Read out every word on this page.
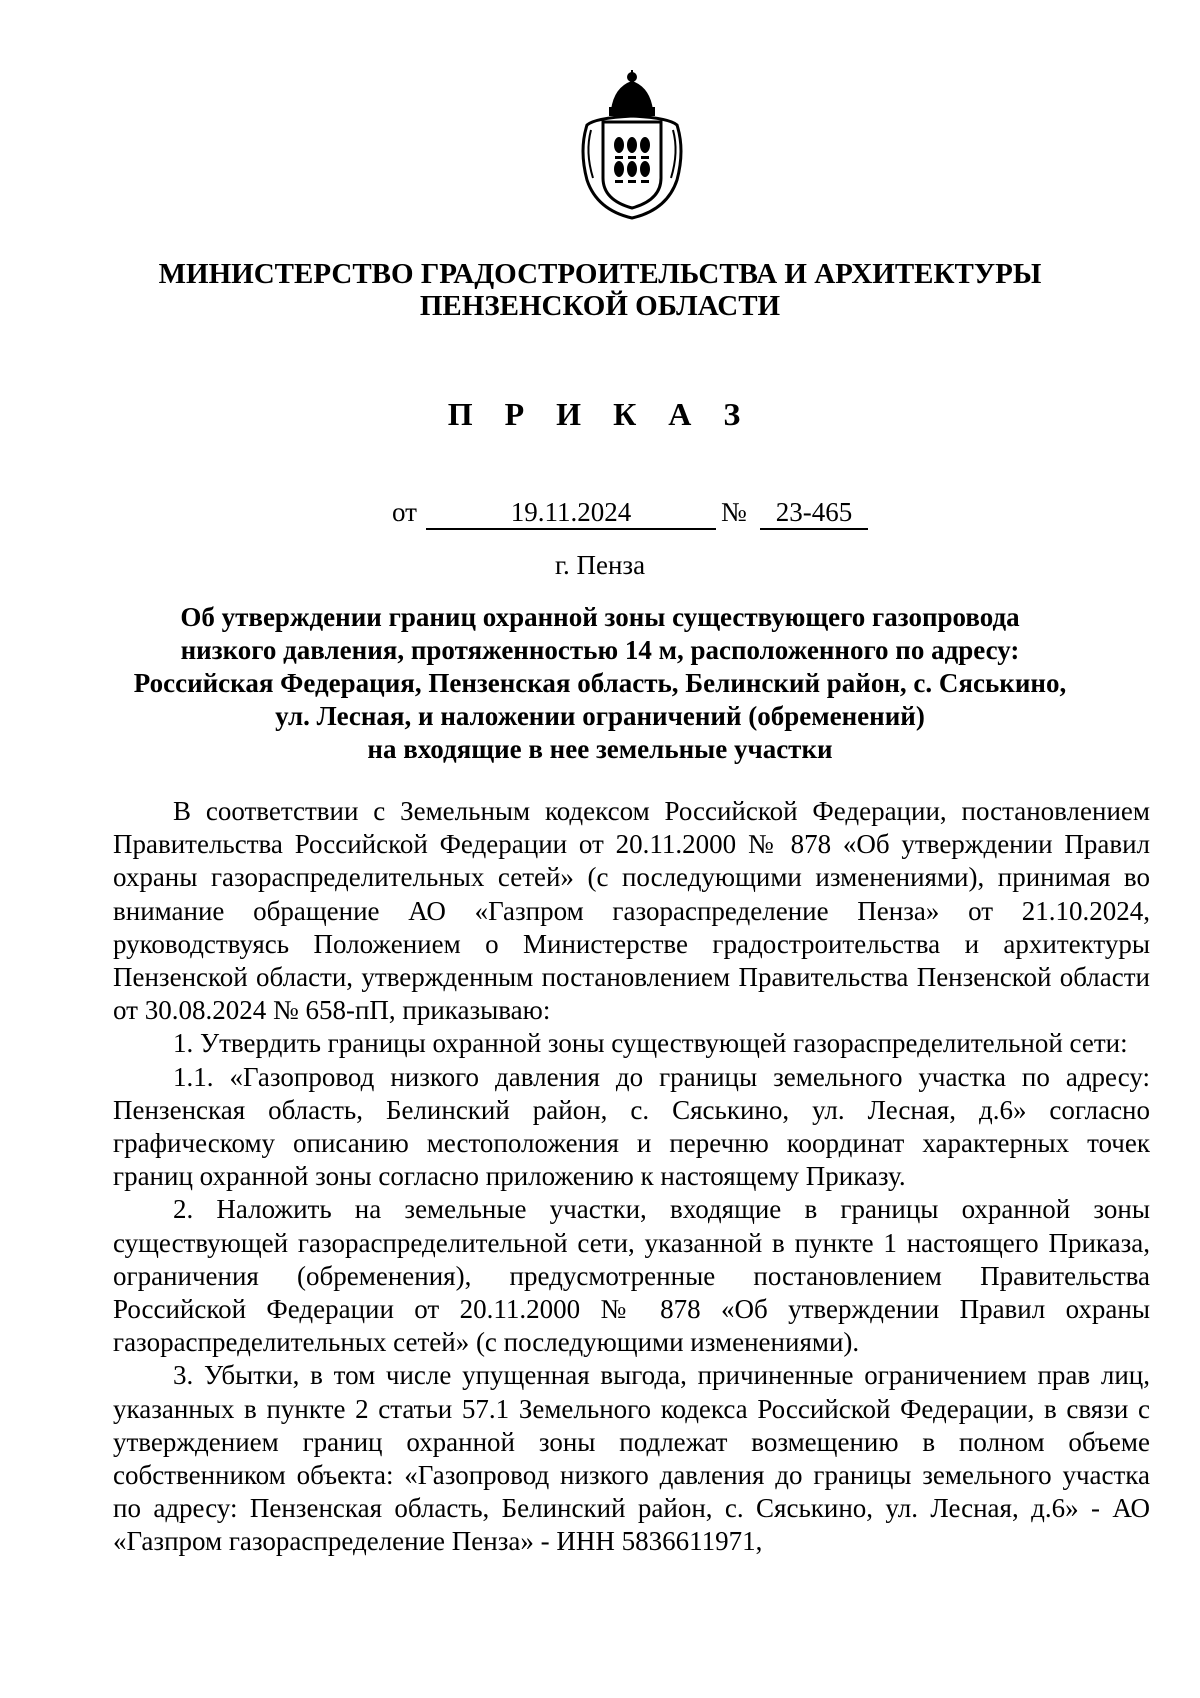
МИНИСТЕРСТВО ГРАДОСТРОИТЕЛЬСТВА И АРХИТЕКТУРЫ
ПЕНЗЕНСКОЙ ОБЛАСТИ
П Р И К А З
от	19.11.2024	№	23-465
г. Пенза
Об утверждении границ охранной зоны существующего газопровода
низкого давления, протяженностью 14 м, расположенного по адресу:
Российская Федерация, Пензенская область, Белинский район, с. Сяськино,
ул. Лесная, и наложении ограничений (обременений)
на входящие в нее земельные участки

В соответствии с Земельным кодексом Российской Федерации, постановлением Правительства Российской Федерации от 20.11.2000 № 878 «Об утверждении Правил охраны газораспределительных сетей» (с последующими изменениями), принимая во внимание обращение АО «Газпром газораспределение Пенза» от 21.10.2024, руководствуясь Положением о Министерстве градостроительства и архитектуры Пензенской области, утвержденным постановлением Правительства Пензенской области от 30.08.2024 № 658-пП, приказываю:

1. Утвердить границы охранной зоны существующей газораспределительной сети:

1.1. «Газопровод низкого давления до границы земельного участка по адресу: Пензенская область, Белинский район, с. Сяськино, ул. Лесная, д.6» согласно графическому описанию местоположения и перечню координат характерных точек границ охранной зоны согласно приложению к настоящему Приказу.

2. Наложить на земельные участки, входящие в границы охранной зоны существующей газораспределительной сети, указанной в пункте 1 настоящего Приказа, ограничения (обременения), предусмотренные постановлением Правительства Российской Федерации от 20.11.2000 № 878 «Об утверждении Правил охраны газораспределительных сетей» (с последующими изменениями).

3. Убытки, в том числе упущенная выгода, причиненные ограничением прав лиц, указанных в пункте 2 статьи 57.1 Земельного кодекса Российской Федерации, в связи с утверждением границ охранной зоны подлежат возмещению в полном объеме собственником объекта: «Газопровод низкого давления до границы земельного участка по адресу: Пензенская область, Белинский район, с. Сяськино, ул. Лесная, д.6» - АО «Газпром газораспределение Пенза» - ИНН 5836611971,
